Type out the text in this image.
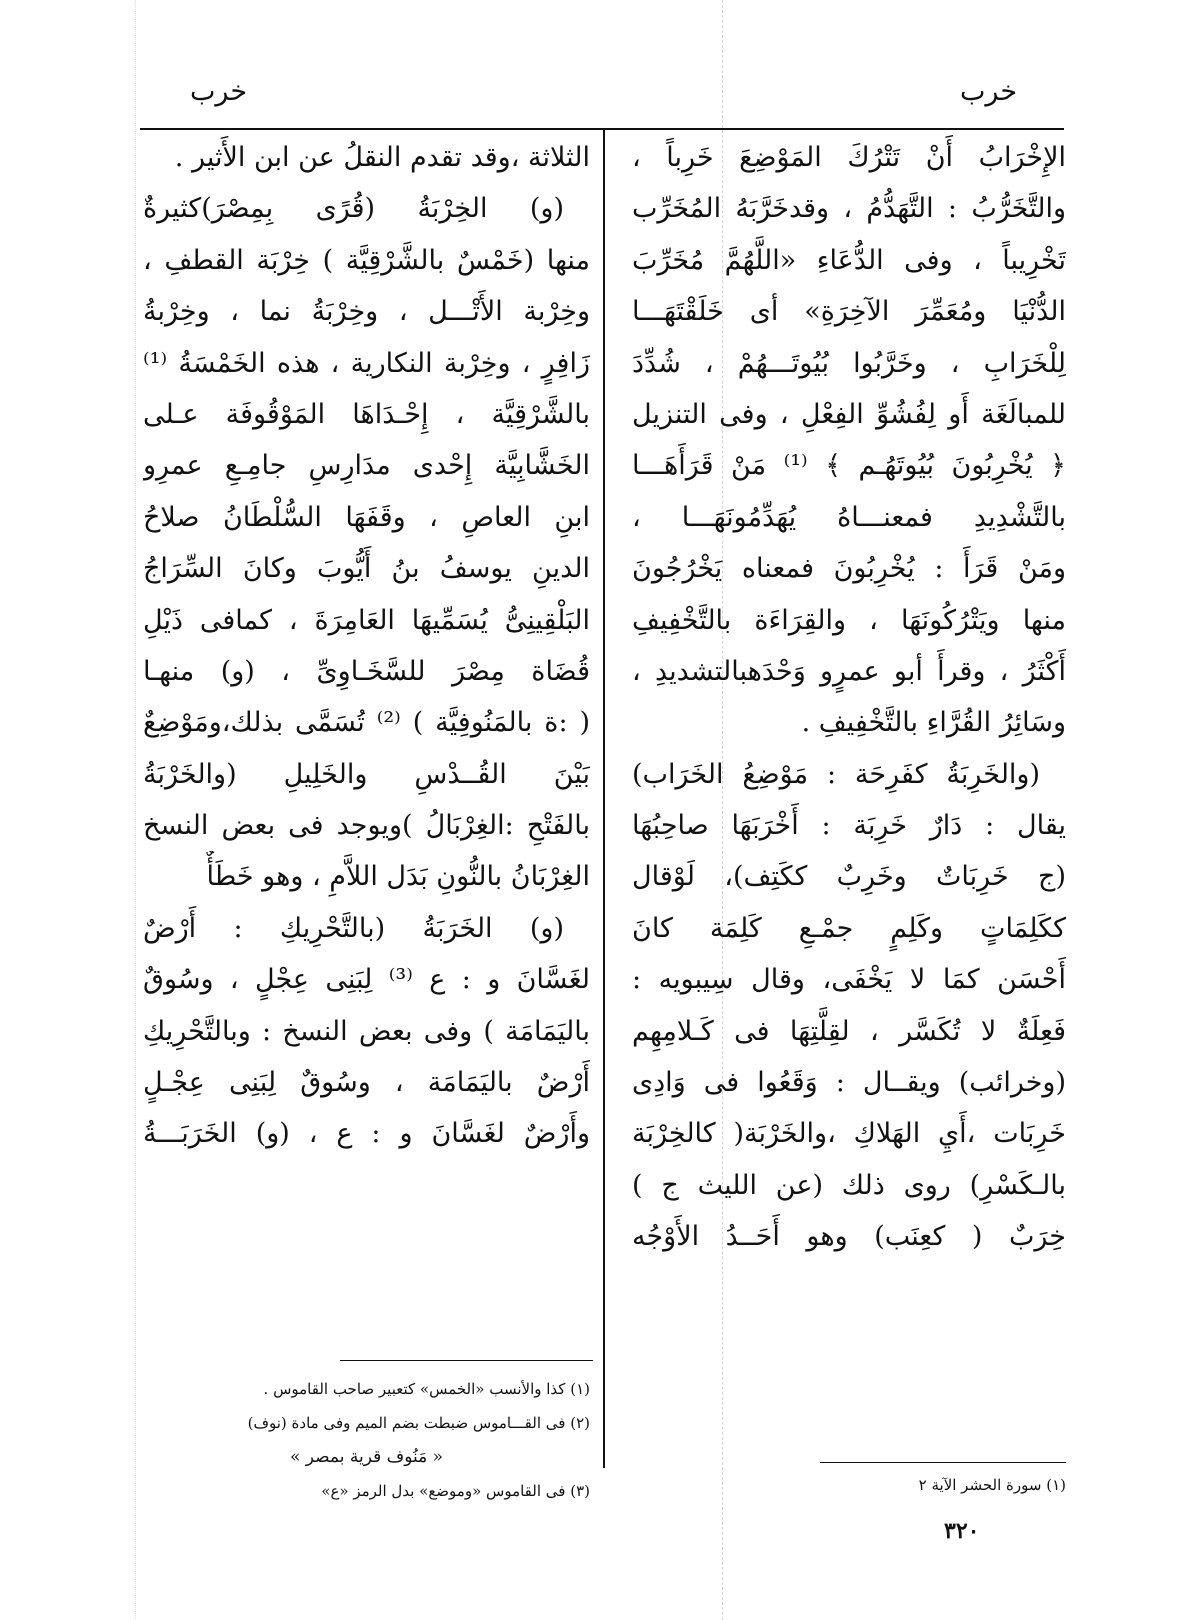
خرب
خرب
الإِخْرَابُ أَنْ تَتْرُكَ المَوْضِعَ خَرِباً ،
والتَّخَرُّبُ : التَّهَدُّمُ ، وقدخَرَّبَهُ المُخَرِّب
تَخْرِيباً ، وفى الدُّعَاءِ «اللَّهُمَّ مُخَرِّبَ
الدُّنْيَا ومُعَمِّرَ الآخِرَةِ» أى خَلَقْتَهَـــا
لِلْخَرَابِ ، وخَرَّبُوا بُيُوتَـــهُمْ ، شُدِّدَ
للمبالَغَة أَو لِفُشُوِّ الفِعْلِ ، وفى التنزيل
﴿ يُخْرِبُونَ بُيُوتَهُـم ﴾ ⁽¹⁾ مَنْ قَرَأَهَـــا
بالتَّشْدِيدِ فمعنـــاهُ يُهَدِّمُونَهَـــا ،
ومَنْ قَرَأَ : يُخْرِبُونَ فمعناه يَخْرُجُونَ
منها ويَتْرُكُونَهَا ، والقِرَاءَة بالتَّخْفِيفِ
أَكْثَرُ ، وقرأَ أبو عمرٍو وَحْدَهبالتشديدِ ،
وسَائِرُ القُرَّاءِ بالتَّخْفِيفِ .
(والخَرِبَةُ كفَرِحَة : مَوْضِعُ الخَرَاب)
يقال : دَارٌ خَرِبَة : أَخْرَبَهَا صاحِبُهَا
(ج خَرِبَاتٌ وخَرِبٌ ككَتِف)، لَوْقال
ككَلِمَاتٍ وكَلِمٍ جمْـعِ كَلِمَة كانَ
أَحْسَن كمَا لا يَخْفَى، وقال سِيبويه :
فَعِلَةٌ لا تُكَسَّر ، لقِلَّتِهَا فى كَـلامِهِم
(وخرائب) ويقــال : وَقَعُوا فى وَادِى
خَرِبَات ،أَيِ الهَلاكِ ،والخَرْبَة( كالخِرْبَة
بالـكَسْرِ) روى ذلك (عن الليث ج )
خِرَبٌ ( كعِنَب) وهو أَحَــدُ الأَوْجُه
الثلاثة ،وقد تقدم النقلُ عن ابن الأَثير .
(و) الخِرْبَةُ (قُرًى بِمِصْرَ)كثيرةٌ
منها (خَمْسٌ بالشَّرْقِيَّة ) خِرْبَة القطفِ ،
وخِرْبة الأَتْـــل ، وخِرْبَةُ نما ، وخِرْبةُ
زَافِرٍ ، وخِرْبة النكارية ، هذه الخَمْسَةُ ⁽¹⁾
بالشَّرْقِيَّة ، إِحْـدَاهَا المَوْقُوفَة عـلى
الخَشَّابِيَّة إِحْدى مدَارِسِ جامِـعِ عمرِو
ابنِ العاصِ ، وقَفَهَا السُّلْطَانُ صلاحُ
الدينِ يوسفُ بنُ أَيُّوبَ وكانَ السِّرَاجُ
البَلْقِينِىُّ يُسَمِّيهَا العَامِرَةَ ، كمافى ذَيْلِ
قُضَاة مِصْرَ للسَّخَـاوِىِّ ، (و) منهـا
( :ة بالمَنُوفِيَّة ) ⁽²⁾ تُسَمَّى بذلك،ومَوْضِعٌ
بَيْنَ القُــدْسِ والخَلِيلِ (والخَرْبَةُ
بالفَتْحِ :الغِرْبَالُ )ويوجد فى بعض النسخ
الغِرْبَانُ بالنُّونِ بَدَل اللاَّمِ ، وهو خَطَأٌ
(و) الخَرَبَةُ (بالتَّحْرِيكِ : أَرْضٌ
لغَسَّانَ و : ع ⁽³⁾ لِبَنِى عِجْلٍ ، وسُوقٌ
باليَمَامَة ) وفى بعض النسخ : وبالتَّحْرِيكِ
أَرْضٌ باليَمَامَة ، وسُوقٌ لِبَنِى عِجْـلٍ
وأَرْضٌ لغَسَّانَ و : ع ، (و) الخَرَبَـــةُ
(١) كذا والأنسب «الخمس» كتعبير صاحب القاموس .
(٢) فى القـــاموس ضبطت بضم الميم وفى مادة (نوف)
« مَنُوف قرية بمصر »
(٣) فى القاموس «وموضع» بدل الرمز «ع»	(١) سورة الحشر الآية ٢
٣٢٠
